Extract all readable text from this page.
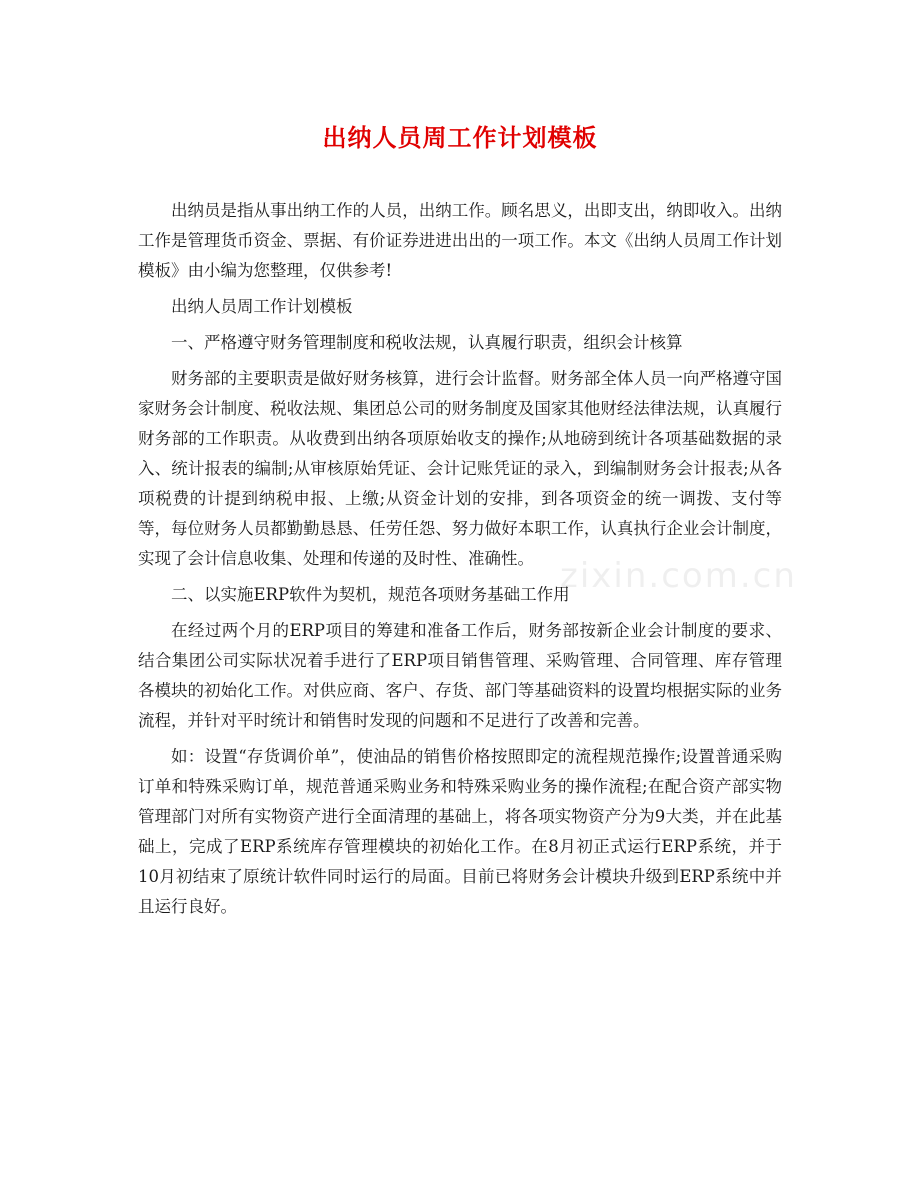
出纳人员周工作计划模板

出纳员是指从事出纳工作的人员，出纳工作。顾名思义，出即支出，纳即收入。出纳工作是管理货币资金、票据、有价证券进进出出的一项工作。本文《出纳人员周工作计划模板》由小编为您整理，仅供参考!

出纳人员周工作计划模板

一、严格遵守财务管理制度和税收法规，认真履行职责，组织会计核算

财务部的主要职责是做好财务核算，进行会计监督。财务部全体人员一向严格遵守国家财务会计制度、税收法规、集团总公司的财务制度及国家其他财经法律法规，认真履行财务部的工作职责。从收费到出纳各项原始收支的操作;从地磅到统计各项基础数据的录入、统计报表的编制;从审核原始凭证、会计记账凭证的录入，到编制财务会计报表;从各项税费的计提到纳税申报、上缴;从资金计划的安排，到各项资金的统一调拨、支付等等，每位财务人员都勤勤恳恳、任劳任怨、努力做好本职工作，认真执行企业会计制度，实现了会计信息收集、处理和传递的及时性、准确性。

二、以实施ERP软件为契机，规范各项财务基础工作用

在经过两个月的ERP项目的筹建和准备工作后，财务部按新企业会计制度的要求、结合集团公司实际状况着手进行了ERP项目销售管理、采购管理、合同管理、库存管理各模块的初始化工作。对供应商、客户、存货、部门等基础资料的设置均根据实际的业务流程，并针对平时统计和销售时发现的问题和不足进行了改善和完善。

如：设置“存货调价单”，使油品的销售价格按照即定的流程规范操作;设置普通采购订单和特殊采购订单，规范普通采购业务和特殊采购业务的操作流程;在配合资产部实物管理部门对所有实物资产进行全面清理的基础上，将各项实物资产分为9大类，并在此基础上，完成了ERP系统库存管理模块的初始化工作。在8月初正式运行ERP系统，并于10月初结束了原统计软件同时运行的局面。目前已将财务会计模块升级到ERP系统中并且运行良好。

zixin.com.cn
